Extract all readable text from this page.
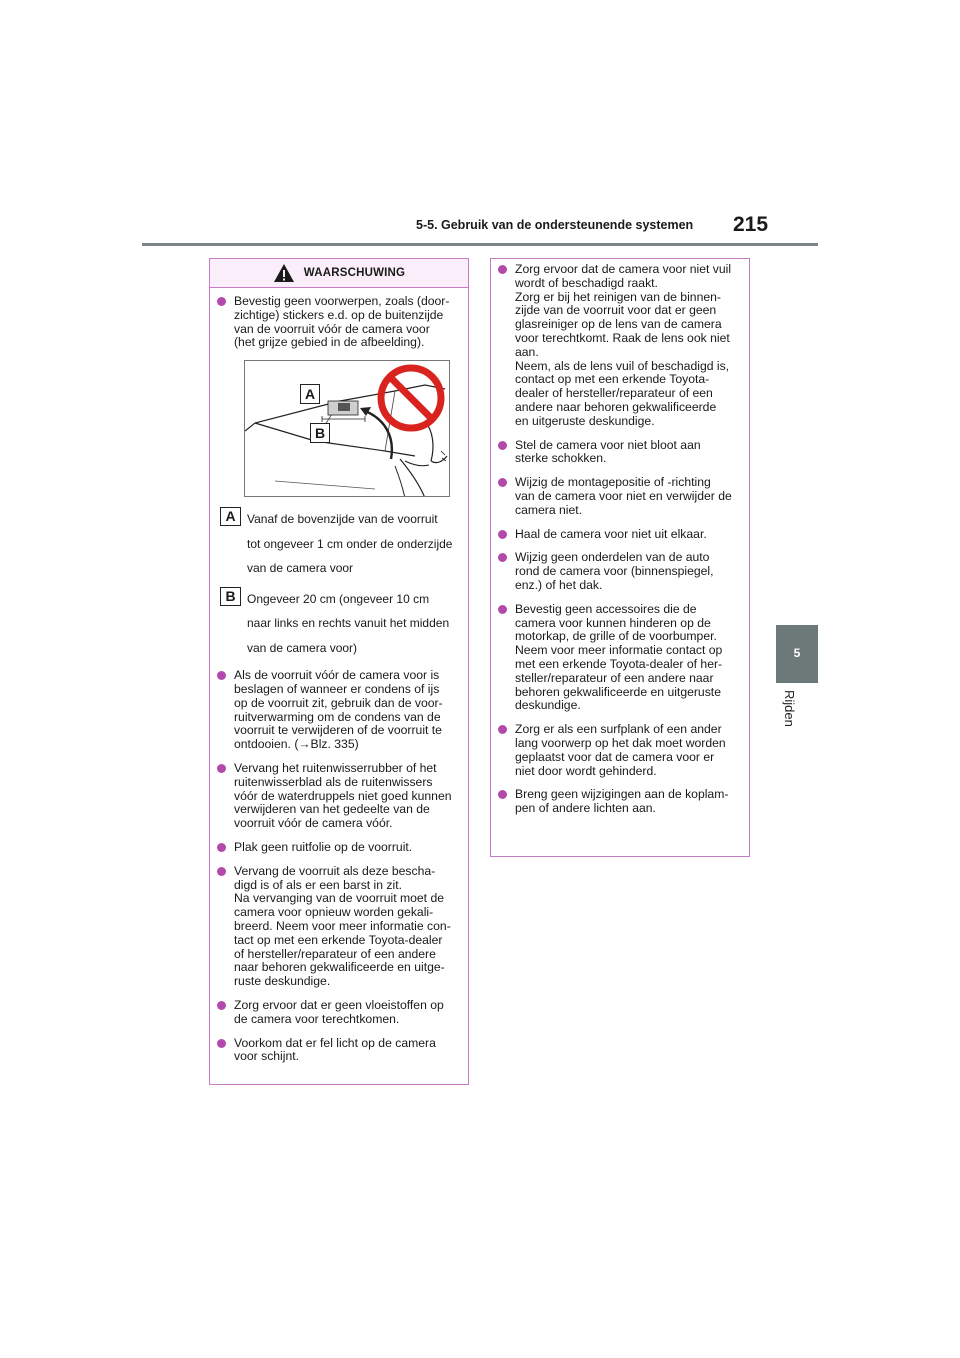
5-5. Gebruik van de ondersteunende systemen 215
5
Rijden
WAARSCHUWING
Bevestig geen voorwerpen, zoals (door-
zichtige) stickers e.d. op de buitenzijde
van de voorruit vóór de camera voor
(het grijze gebied in de afbeelding).
A
B
A Vanaf de bovenzijde van de voorruit
tot ongeveer 1 cm onder de onderzijde
van de camera voor
B Ongeveer 20 cm (ongeveer 10 cm
naar links en rechts vanuit het midden
van de camera voor)
Als de voorruit vóór de camera voor is
beslagen of wanneer er condens of ijs
op de voorruit zit, gebruik dan de voor-
ruitverwarming om de condens van de
voorruit te verwijderen of de voorruit te
ontdooien. (→Blz. 335)
Vervang het ruitenwisserrubber of het
ruitenwisserblad als de ruitenwissers
vóór de waterdruppels niet goed kunnen
verwijderen van het gedeelte van de
voorruit vóór de camera vóór.
Plak geen ruitfolie op de voorruit.
Vervang de voorruit als deze bescha-
digd is of als er een barst in zit.
Na vervanging van de voorruit moet de
camera voor opnieuw worden gekali-
breerd. Neem voor meer informatie con-
tact op met een erkende Toyota-dealer
of hersteller/reparateur of een andere
naar behoren gekwalificeerde en uitge-
ruste deskundige.
Zorg ervoor dat er geen vloeistoffen op
de camera voor terechtkomen.
Voorkom dat er fel licht op de camera
voor schijnt.
Zorg ervoor dat de camera voor niet vuil
wordt of beschadigd raakt.
Zorg er bij het reinigen van de binnen-
zijde van de voorruit voor dat er geen
glasreiniger op de lens van de camera
voor terechtkomt. Raak de lens ook niet
aan.
Neem, als de lens vuil of beschadigd is,
contact op met een erkende Toyota-
dealer of hersteller/reparateur of een
andere naar behoren gekwalificeerde
en uitgeruste deskundige.
Stel de camera voor niet bloot aan
sterke schokken.
Wijzig de montagepositie of -richting
van de camera voor niet en verwijder de
camera niet.
Haal de camera voor niet uit elkaar.
Wijzig geen onderdelen van de auto
rond de camera voor (binnenspiegel,
enz.) of het dak.
Bevestig geen accessoires die de
camera voor kunnen hinderen op de
motorkap, de grille of de voorbumper.
Neem voor meer informatie contact op
met een erkende Toyota-dealer of her-
steller/reparateur of een andere naar
behoren gekwalificeerde en uitgeruste
deskundige.
Zorg er als een surfplank of een ander
lang voorwerp op het dak moet worden
geplaatst voor dat de camera voor er
niet door wordt gehinderd.
Breng geen wijzigingen aan de koplam-
pen of andere lichten aan.
